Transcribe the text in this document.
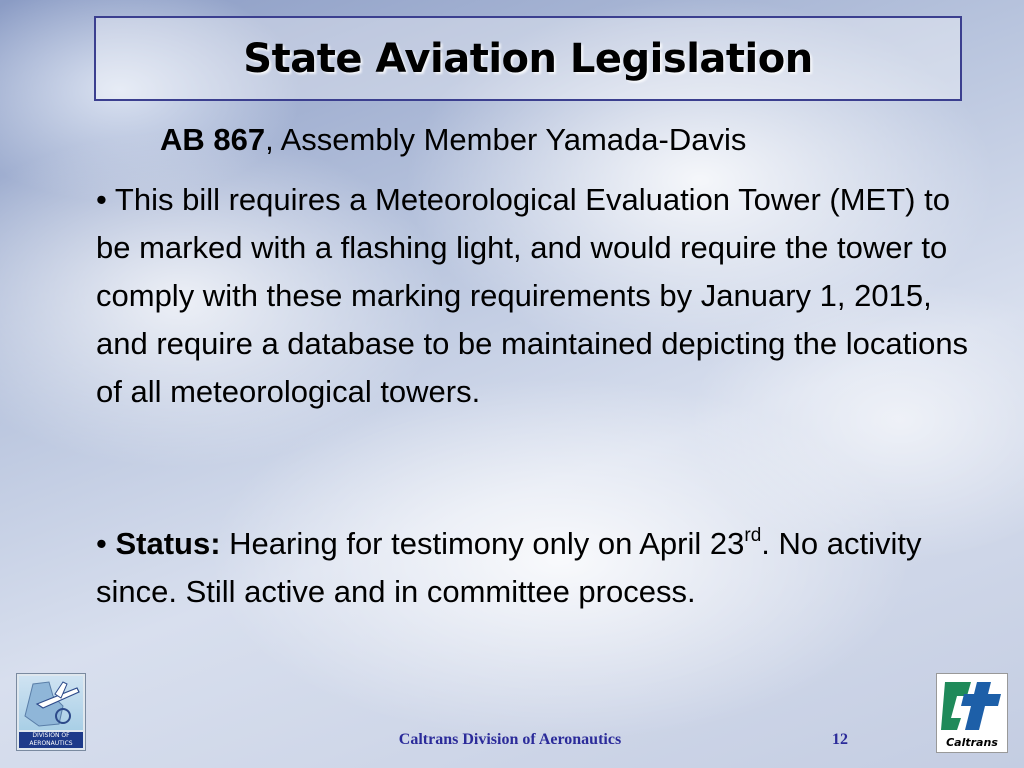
State Aviation Legislation
AB 867, Assembly Member Yamada-Davis
• This bill requires a Meteorological Evaluation Tower (MET) to be marked with a flashing light, and would require the tower to comply with these marking requirements by January 1, 2015, and require a database to be maintained depicting the locations of all meteorological towers.
• Status: Hearing for testimony only on April 23rd. No activity since. Still active and in committee process.
DIVISION OF AERONAUTICS	Caltrans Division of Aeronautics	12	Caltrans
